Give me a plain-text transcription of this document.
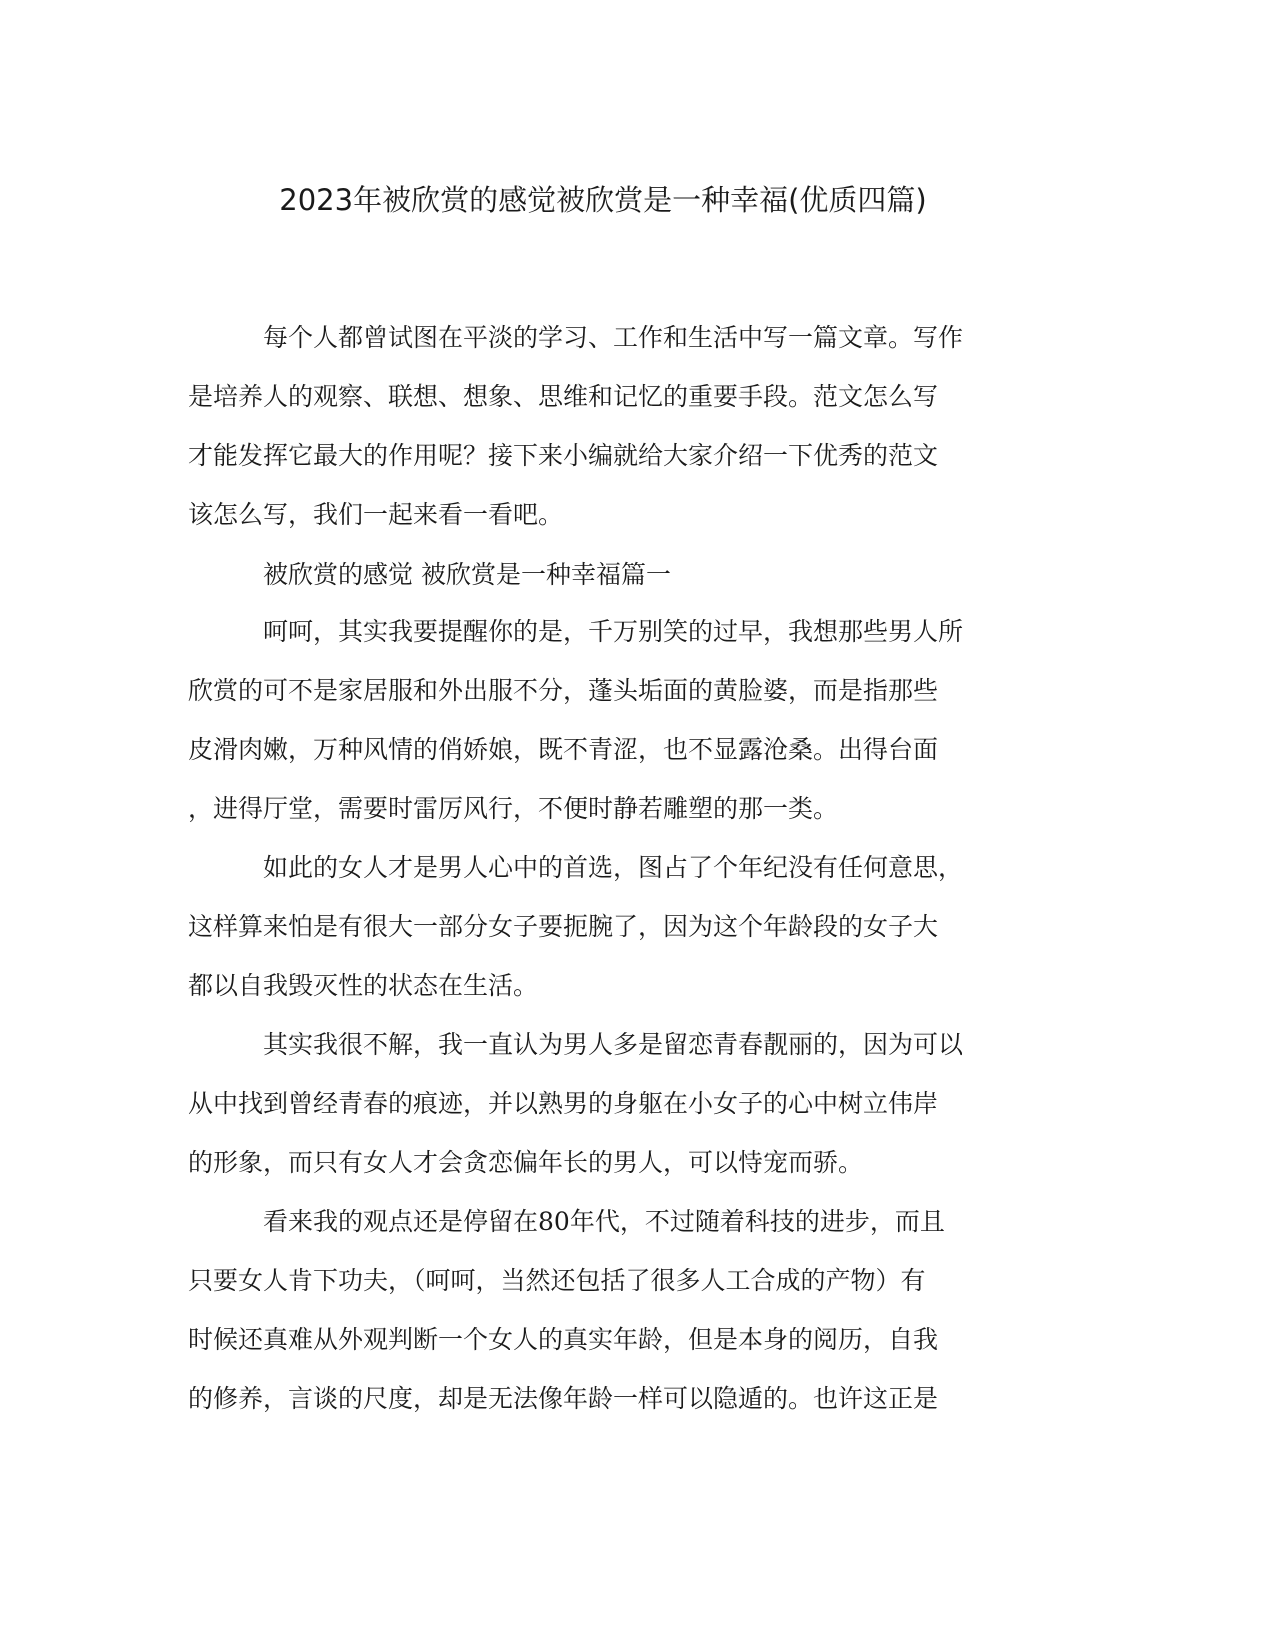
2023年被欣赏的感觉被欣赏是一种幸福(优质四篇)

每个人都曾试图在平淡的学习、工作和生活中写一篇文章。写作

是培养人的观察、联想、想象、思维和记忆的重要手段。范文怎么写

才能发挥它最大的作用呢？接下来小编就给大家介绍一下优秀的范文

该怎么写，我们一起来看一看吧。

被欣赏的感觉 被欣赏是一种幸福篇一

呵呵，其实我要提醒你的是，千万别笑的过早，我想那些男人所

欣赏的可不是家居服和外出服不分，蓬头垢面的黄脸婆，而是指那些

皮滑肉嫩，万种风情的俏娇娘，既不青涩，也不显露沧桑。出得台面

，进得厅堂，需要时雷厉风行，不便时静若雕塑的那一类。

如此的女人才是男人心中的首选，图占了个年纪没有任何意思，

这样算来怕是有很大一部分女子要扼腕了，因为这个年龄段的女子大

都以自我毁灭性的状态在生活。

其实我很不解，我一直认为男人多是留恋青春靓丽的，因为可以

从中找到曾经青春的痕迹，并以熟男的身躯在小女子的心中树立伟岸

的形象，而只有女人才会贪恋偏年长的男人，可以恃宠而骄。

看来我的观点还是停留在80年代，不过随着科技的进步，而且

只要女人肯下功夫，（呵呵，当然还包括了很多人工合成的产物）有

时候还真难从外观判断一个女人的真实年龄，但是本身的阅历，自我

的修养，言谈的尺度，却是无法像年龄一样可以隐遁的。也许这正是
